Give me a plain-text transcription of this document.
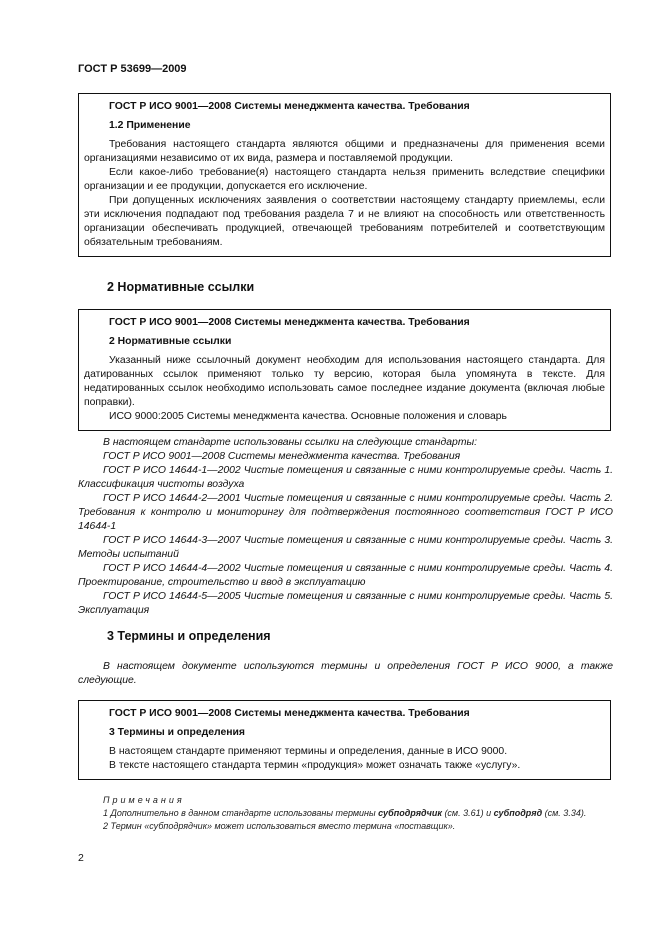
ГОСТ Р 53699—2009
ГОСТ Р ИСО 9001—2008 Системы менеджмента качества. Требования
1.2 Применение

Требования настоящего стандарта являются общими и предназначены для применения всеми организациями независимо от их вида, размера и поставляемой продукции.

Если какое-либо требование(я) настоящего стандарта нельзя применить вследствие специфики организации и ее продукции, допускается его исключение.

При допущенных исключениях заявления о соответствии настоящему стандарту приемлемы, если эти исключения подпадают под требования раздела 7 и не влияют на способность или ответственность организации обеспечивать продукцией, отвечающей требованиям потребителей и соответствующим обязательным требованиям.

2 Нормативные ссылки
ГОСТ Р ИСО 9001—2008 Системы менеджмента качества. Требования
2 Нормативные ссылки

Указанный ниже ссылочный документ необходим для использования настоящего стандарта. Для датированных ссылок применяют только ту версию, которая была упомянута в тексте. Для недатированных ссылок необходимо использовать самое последнее издание документа (включая любые поправки).

ИСО 9000:2005 Системы менеджмента качества. Основные положения и словарь

В настоящем стандарте использованы ссылки на следующие стандарты:

ГОСТ Р ИСО 9001—2008 Системы менеджмента качества. Требования

ГОСТ Р ИСО 14644-1—2002 Чистые помещения и связанные с ними контролируемые среды. Часть 1. Классификация чистоты воздуха

ГОСТ Р ИСО 14644-2—2001 Чистые помещения и связанные с ними контролируемые среды. Часть 2. Требования к контролю и мониторингу для подтверждения постоянного соответствия ГОСТ Р ИСО 14644-1

ГОСТ Р ИСО 14644-3—2007 Чистые помещения и связанные с ними контролируемые среды. Часть 3. Методы испытаний

ГОСТ Р ИСО 14644-4—2002 Чистые помещения и связанные с ними контролируемые среды. Часть 4. Проектирование, строительство и ввод в эксплуатацию

ГОСТ Р ИСО 14644-5—2005 Чистые помещения и связанные с ними контролируемые среды. Часть 5. Эксплуатация

3 Термины и определения

В настоящем документе используются термины и определения ГОСТ Р ИСО 9000, а также следующие.

ГОСТ Р ИСО 9001—2008 Системы менеджмента качества. Требования
3 Термины и определения

В настоящем стандарте применяют термины и определения, данные в ИСО 9000.

В тексте настоящего стандарта термин «продукция» может означать также «услугу».

Примечания

1 Дополнительно в данном стандарте использованы термины субподрядчик (см. 3.61) и субподряд (см. 3.34).

2 Термин «субподрядчик» может использоваться вместо термина «поставщик».

2
